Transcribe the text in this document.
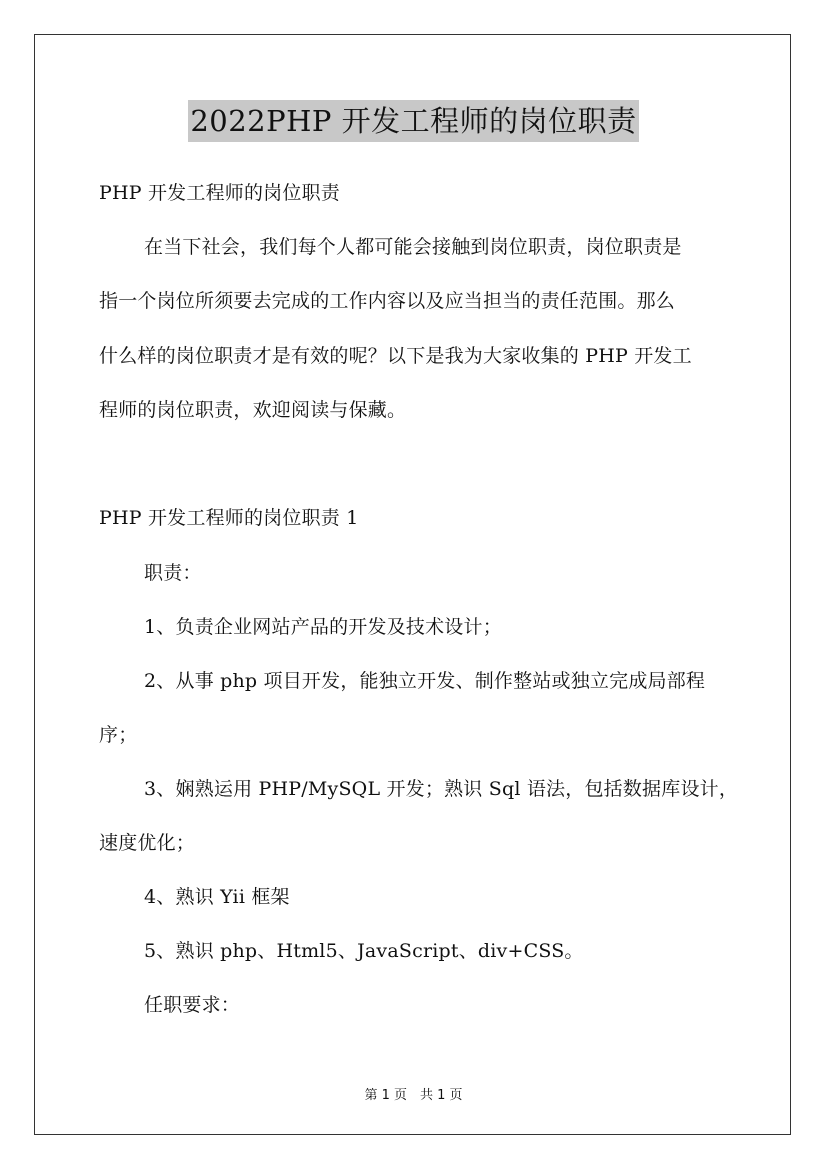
2022PHP 开发工程师的岗位职责
PHP 开发工程师的岗位职责
在当下社会，我们每个人都可能会接触到岗位职责，岗位职责是
指一个岗位所须要去完成的工作内容以及应当担当的责任范围。那么
什么样的岗位职责才是有效的呢？以下是我为大家收集的 PHP 开发工
程师的岗位职责，欢迎阅读与保藏。
PHP 开发工程师的岗位职责 1
职责：
1、负责企业网站产品的开发及技术设计；
2、从事 php 项目开发，能独立开发、制作整站或独立完成局部程
序；
3、娴熟运用 PHP/MySQL 开发；熟识 Sql 语法，包括数据库设计，
速度优化；
4、熟识 Yii 框架
5、熟识 php、Html5、JavaScript、div+CSS。
任职要求：
第 1 页　共 1 页
